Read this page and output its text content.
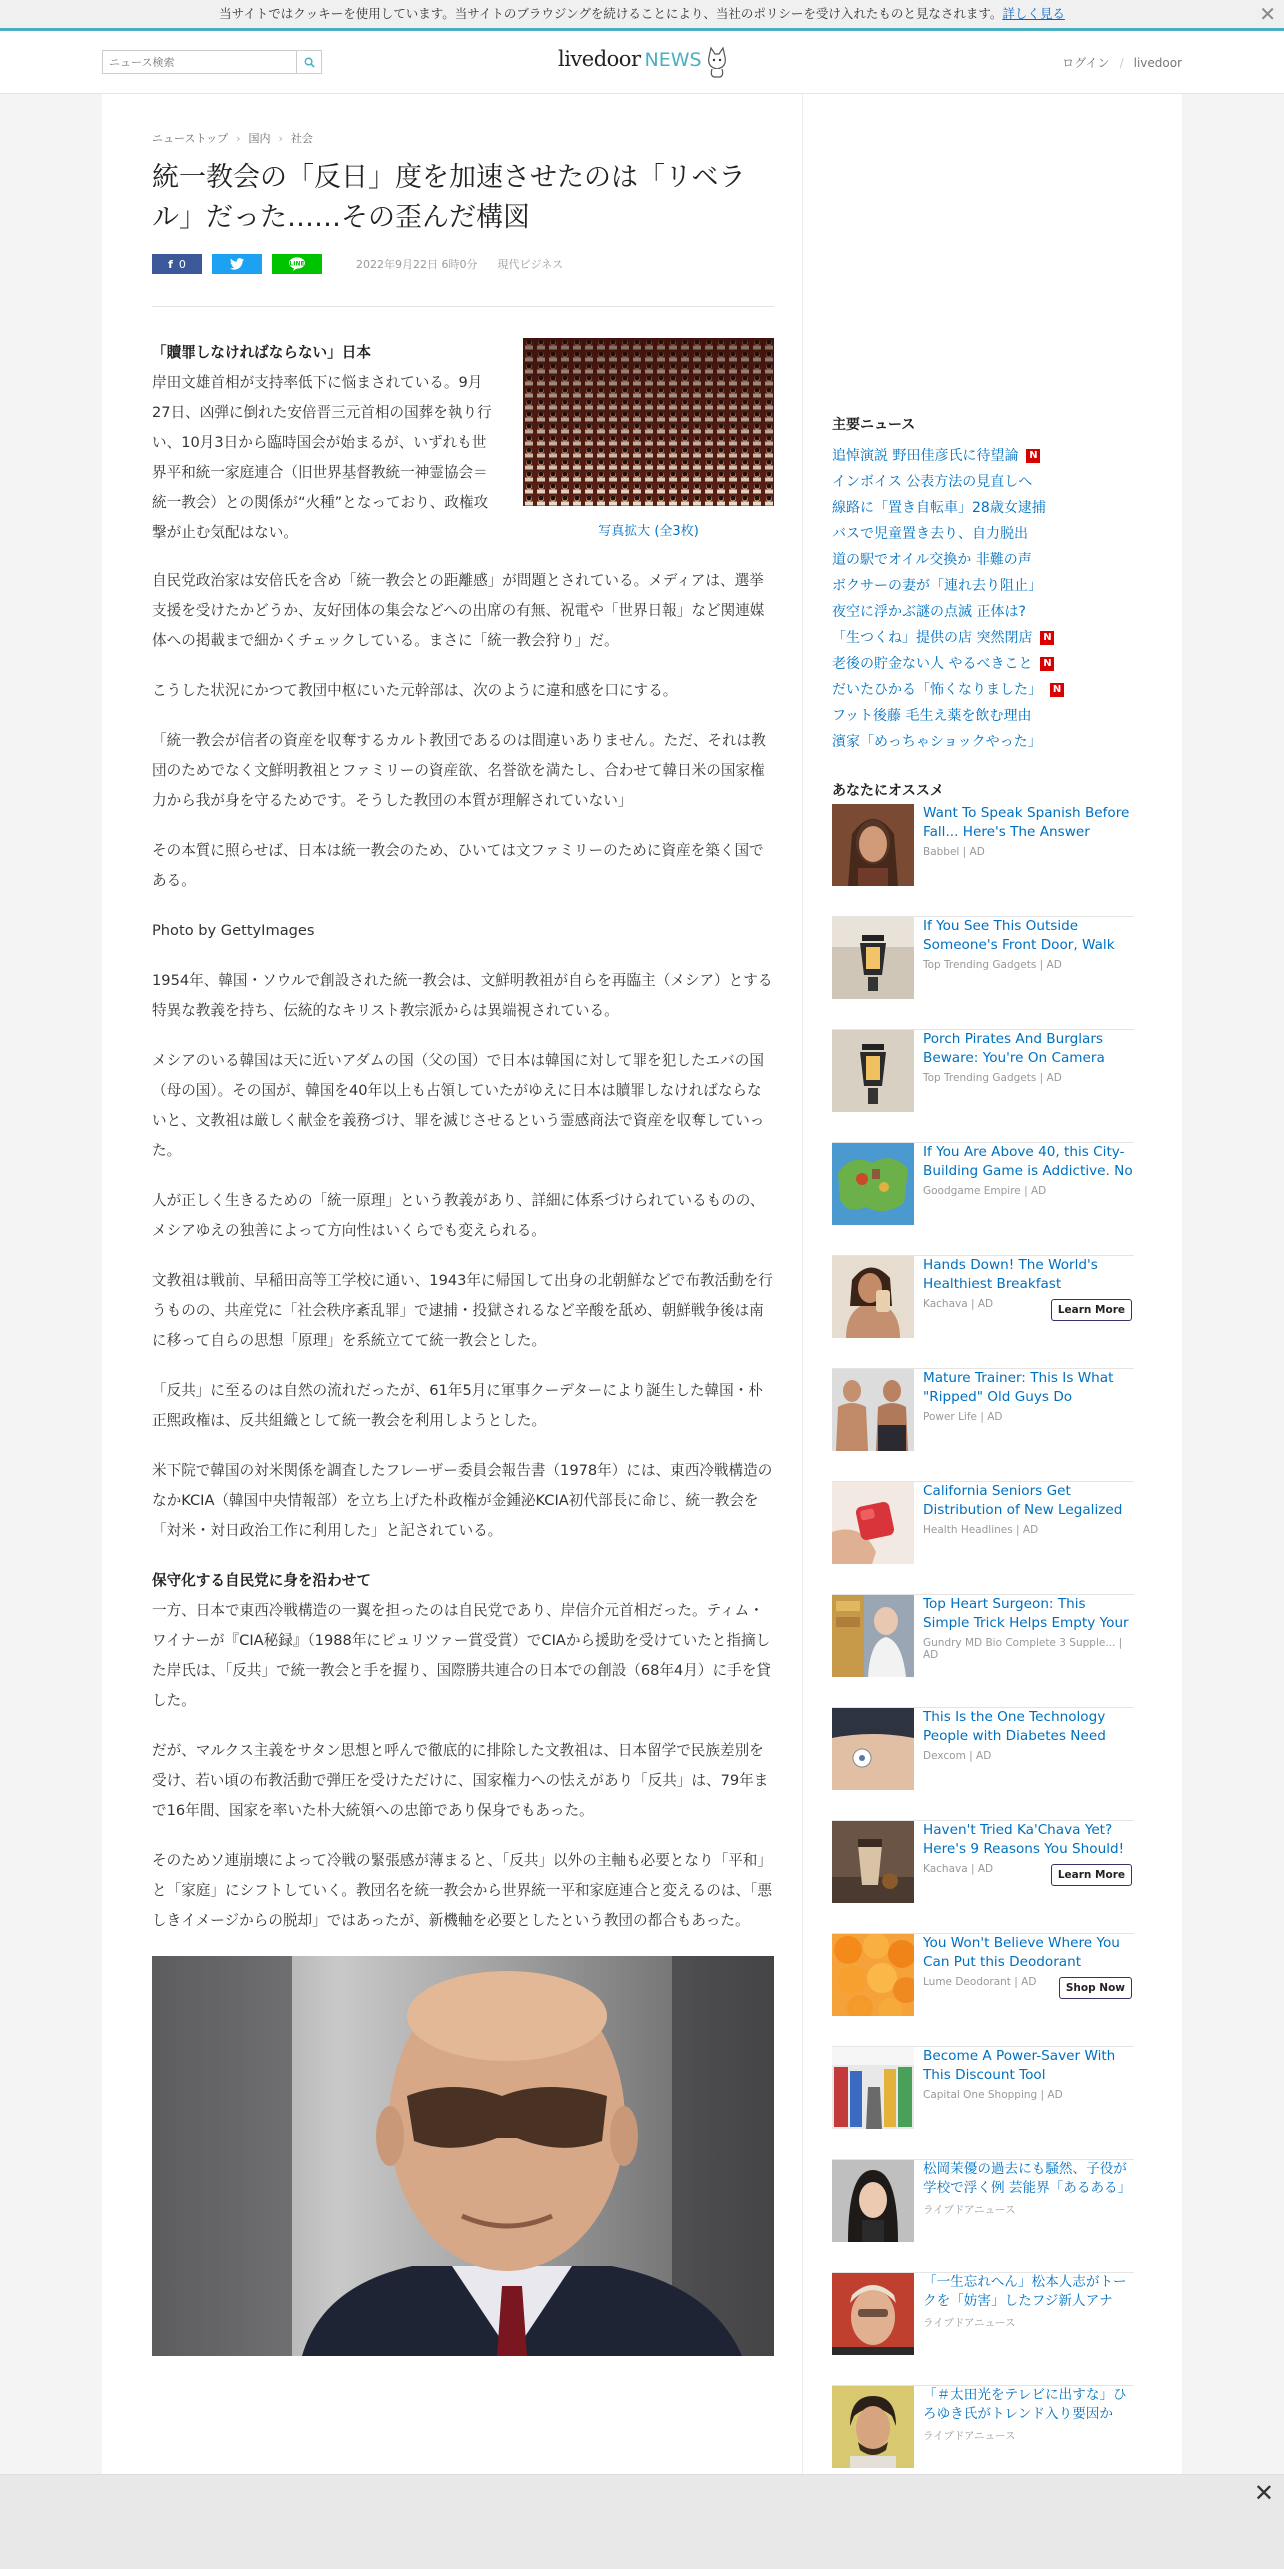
当サイトではクッキーを使用しています。当サイトのブラウジングを続けることにより、当社のポリシーを受け入れたものと見なされます。詳しく見る	✕
ニュース検索
livedoor NEWS	ログイン / livedoor
ニューストップ › 国内 › 社会
統一教会の「反日」度を加速させたのは「リベラル」だった……その歪んだ構図
f 0	LINE	2022年9月22日 6時0分 現代ビジネス
写真拡大 (全3枚)
「贖罪しなければならない」日本
岸田文雄首相が支持率低下に悩まされている。9月27日、凶弾に倒れた安倍晋三元首相の国葬を執り行い、10月3日から臨時国会が始まるが、いずれも世界平和統一家庭連合（旧世界基督教統一神霊協会＝統一教会）との関係が“火種”となっており、政権攻撃が止む気配はない。

自民党政治家は安倍氏を含め「統一教会との距離感」が問題とされている。メディアは、選挙支援を受けたかどうか、友好団体の集会などへの出席の有無、祝電や「世界日報」など関連媒体への掲載まで細かくチェックしている。まさに「統一教会狩り」だ。

こうした状況にかつて教団中枢にいた元幹部は、次のように違和感を口にする。

「統一教会が信者の資産を収奪するカルト教団であるのは間違いありません。ただ、それは教団のためでなく文鮮明教祖とファミリーの資産欲、名誉欲を満たし、合わせて韓日米の国家権力から我が身を守るためです。そうした教団の本質が理解されていない」

その本質に照らせば、日本は統一教会のため、ひいては文ファミリーのために資産を築く国である。

Photo by GettyImages

1954年、韓国・ソウルで創設された統一教会は、文鮮明教祖が自らを再臨主（メシア）とする特異な教義を持ち、伝統的なキリスト教宗派からは異端視されている。

メシアのいる韓国は天に近いアダムの国（父の国）で日本は韓国に対して罪を犯したエバの国（母の国）。その国が、韓国を40年以上も占領していたがゆえに日本は贖罪しなければならないと、文教祖は厳しく献金を義務づけ、罪を滅じさせるという霊感商法で資産を収奪していった。

人が正しく生きるための「統一原理」という教義があり、詳細に体系づけられているものの、メシアゆえの独善によって方向性はいくらでも変えられる。

文教祖は戦前、早稲田高等工学校に通い、1943年に帰国して出身の北朝鮮などで布教活動を行うものの、共産党に「社会秩序紊乱罪」で逮捕・投獄されるなど辛酸を舐め、朝鮮戦争後は南に移って自らの思想「原理」を系統立てて統一教会とした。

「反共」に至るのは自然の流れだったが、61年5月に軍事クーデターにより誕生した韓国・朴正煕政権は、反共組織として統一教会を利用しようとした。

米下院で韓国の対米関係を調査したフレーザー委員会報告書（1978年）には、東西冷戦構造のなかKCIA（韓国中央情報部）を立ち上げた朴政権が金鍾泌KCIA初代部長に命じ、統一教会を「対米・対日政治工作に利用した」と記されている。

保守化する自民党に身を沿わせて

一方、日本で東西冷戦構造の一翼を担ったのは自民党であり、岸信介元首相だった。ティム・ワイナーが『CIA秘録』（1988年にピュリツァー賞受賞）でCIAから援助を受けていたと指摘した岸氏は、「反共」で統一教会と手を握り、国際勝共連合の日本での創設（68年4月）に手を貸した。

だが、マルクス主義をサタン思想と呼んで徹底的に排除した文教祖は、日本留学で民族差別を受け、若い頃の布教活動で弾圧を受けただけに、国家権力への怯えがあり「反共」は、79年まで16年間、国家を率いた朴大統領への忠節であり保身でもあった。

そのためソ連崩壊によって冷戦の緊張感が薄まると、「反共」以外の主軸も必要となり「平和」と「家庭」にシフトしていく。教団名を統一教会から世界統一平和家庭連合と変えるのは、「悪しきイメージからの脱却」ではあったが、新機軸を必要としたという教団の都合もあった。

主要ニュース
追悼演説 野田佳彦氏に待望論 N
インボイス 公表方法の見直しへ
線路に「置き自転車」28歳女逮捕
バスで児童置き去り、自力脱出
道の駅でオイル交換か 非難の声
ボクサーの妻が「連れ去り阻止」
夜空に浮かぶ謎の点滅 正体は?
「生つくね」提供の店 突然閉店 N
老後の貯金ない人 やるべきこと N
だいたひかる「怖くなりました」 N
フット後藤 毛生え薬を飲む理由
濱家「めっちゃショックやった」
あなたにオススメ
Want To Speak Spanish Before Fall... Here's The Answer
Babbel | AD
If You See This Outside Someone's Front Door, Walk
Top Trending Gadgets | AD
Porch Pirates And Burglars Beware: You're On Camera
Top Trending Gadgets | AD
If You Are Above 40, this City-Building Game is Addictive. No
Goodgame Empire | AD
Hands Down! The World's Healthiest Breakfast
Kachava | AD	Learn More
Mature Trainer: This Is What "Ripped" Old Guys Do
Power Life | AD
California Seniors Get Distribution of New Legalized
Health Headlines | AD
Top Heart Surgeon: This Simple Trick Helps Empty Your
Gundry MD Bio Complete 3 Supple... | AD
This Is the One Technology People with Diabetes Need
Dexcom | AD
Haven't Tried Ka'Chava Yet? Here's 9 Reasons You Should!
Kachava | AD	Learn More
You Won't Believe Where You Can Put this Deodorant
Lume Deodorant | AD	Shop Now
Become A Power-Saver With This Discount Tool
Capital One Shopping | AD
松岡茉優の過去にも騒然、子役が学校で浮く例 芸能界「あるある」
ライブドアニュース
「一生忘れへん」松本人志がトークを「妨害」したフジ新人アナ
ライブドアニュース
「＃太田光をテレビに出すな」ひろゆき氏がトレンド入り要因か
ライブドアニュース
✕
